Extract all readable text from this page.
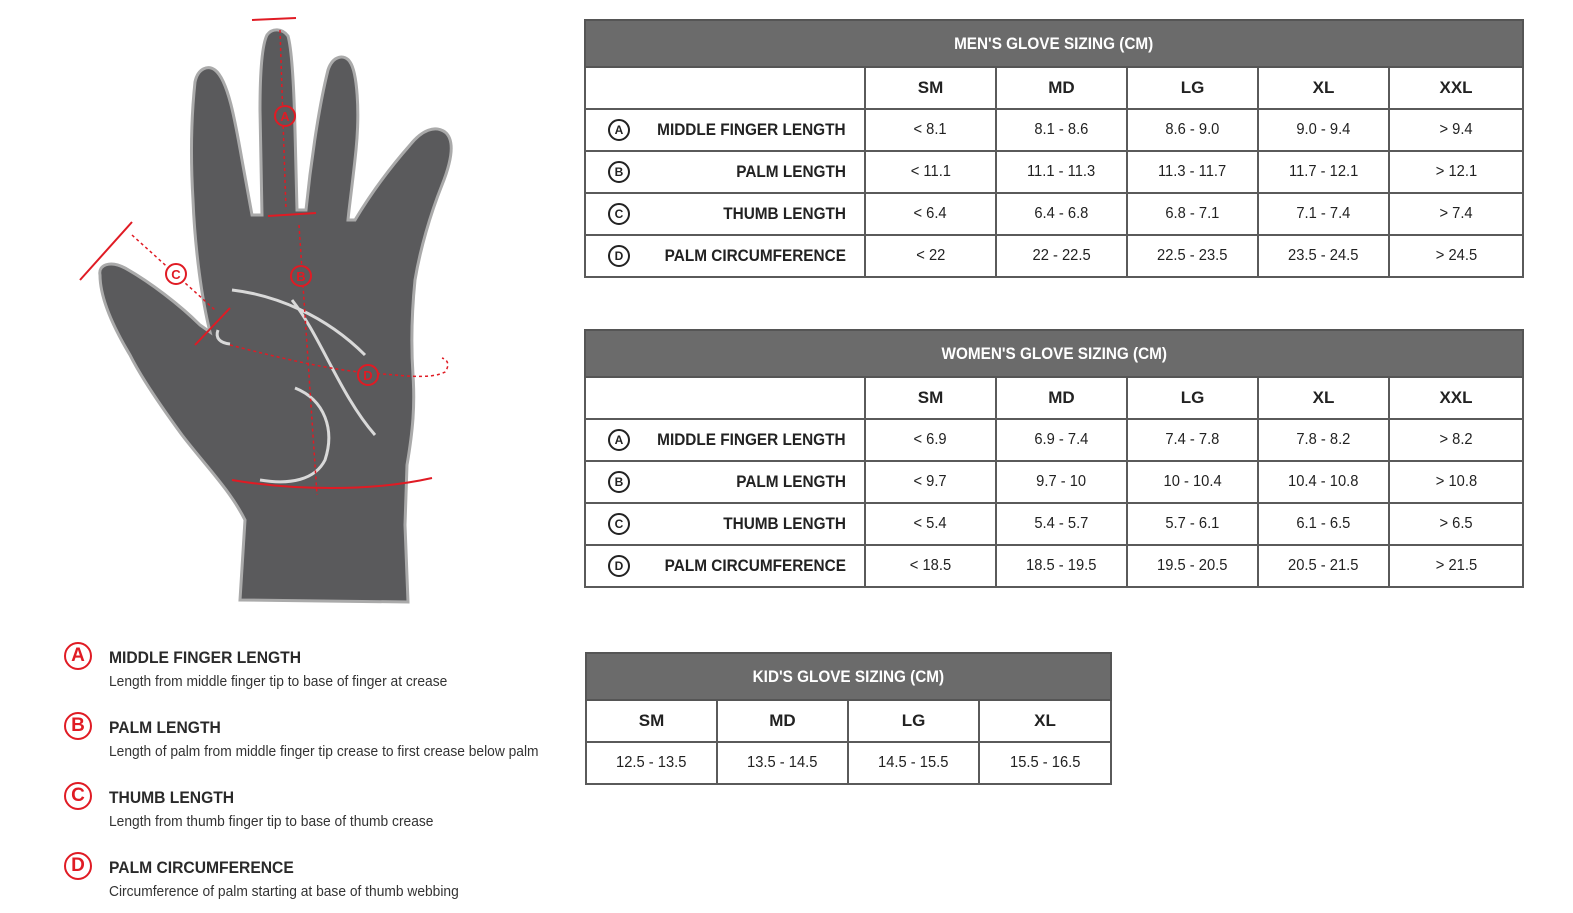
A
B
C
D
A	MIDDLE FINGER LENGTH
Length from middle finger tip to base of finger at crease
B	PALM LENGTH
Length of palm from middle finger tip crease to first crease below palm
C	THUMB LENGTH
Length from thumb finger tip to base of thumb crease
D	PALM CIRCUMFERENCE
Circumference of palm starting at base of thumb webbing
MEN'S GLOVE SIZING (CM)					
	SM	MD	LG	XL	XXL

A MIDDLE FINGER LENGTH	< 8.1	8.1 - 8.6	8.6 - 9.0	9.0 - 9.4	> 9.4

B PALM LENGTH	< 11.1	11.1 - 11.3	11.3 - 11.7	11.7 - 12.1	> 12.1

C THUMB LENGTH	< 6.4	6.4 - 6.8	6.8 - 7.1	7.1 - 7.4	> 7.4

D PALM CIRCUMFERENCE	< 22	22 - 22.5	22.5 - 23.5	23.5 - 24.5	> 24.5
WOMEN'S GLOVE SIZING (CM)					
	SM	MD	LG	XL	XXL

A MIDDLE FINGER LENGTH	< 6.9	6.9 - 7.4	7.4 - 7.8	7.8 - 8.2	> 8.2

B PALM LENGTH	< 9.7	9.7 - 10	10 - 10.4	10.4 - 10.8	> 10.8

C THUMB LENGTH	< 5.4	5.4 - 5.7	5.7 - 6.1	6.1 - 6.5	> 6.5

D PALM CIRCUMFERENCE	< 18.5	18.5 - 19.5	19.5 - 20.5	20.5 - 21.5	> 21.5
KID'S GLOVE SIZING (CM)			
SM	MD	LG	XL
12.5 - 13.5	13.5 - 14.5	14.5 - 15.5	15.5 - 16.5
